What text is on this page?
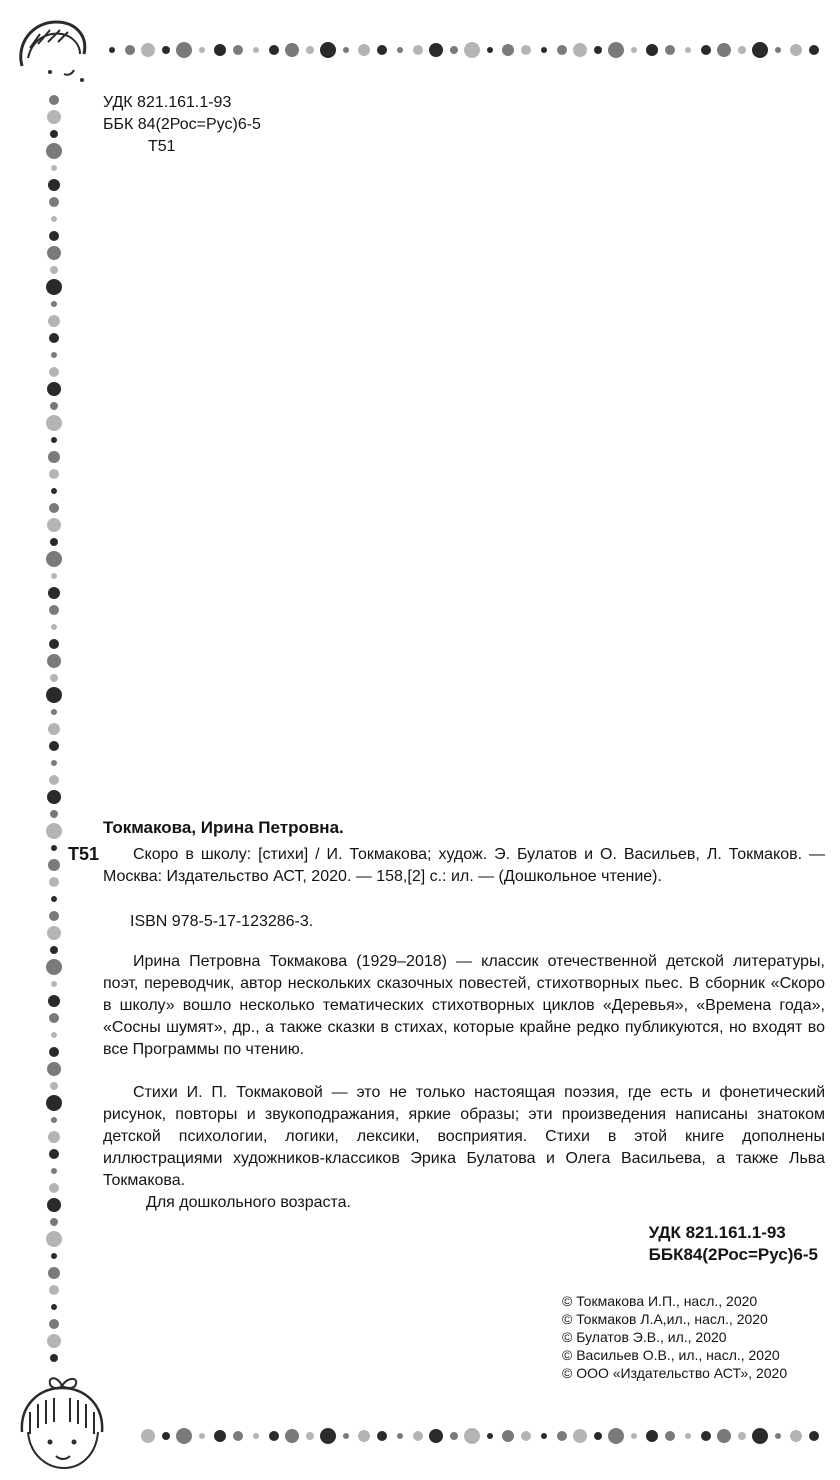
УДК 821.161.1-93
ББК 84(2Рос=Рус)6-5
Т51
Токмакова, Ирина Петровна.
Т51	Скоро в школу: [стихи] / И. Токмакова; худож. Э. Булатов и О. Васильев, Л. Токмаков. — Москва: Издательство АСТ, 2020. — 158,[2] с.: ил. — (Дошкольное чтение).
ISBN 978-5-17-123286-3.
Ирина Петровна Токмакова (1929–2018) — классик отечественной детской литературы, поэт, переводчик, автор нескольких сказочных повестей, стихотворных пьес. В сборник «Скоро в школу» вошло несколько тематических стихотворных циклов «Деревья», «Времена года», «Сосны шумят», др., а также сказки в стихах, которые крайне редко публикуются, но входят во все Программы по чтению.
Стихи И. П. Токмаковой — это не только настоящая поэзия, где есть и фонетический рисунок, повторы и звукоподражания, яркие образы; эти произведения написаны знатоком детской психологии, логики, лексики, восприятия. Стихи в этой книге дополнены иллюстрациями художников-классиков Эрика Булатова и Олега Васильева, а также Льва Токмакова.
Для дошкольного возраста.
УДК 821.161.1-93
ББК84(2Рос=Рус)6-5
© Токмакова И.П., насл., 2020
© Токмаков Л.А,ил., насл., 2020
© Булатов Э.В., ил., 2020
© Васильев О.В., ил., насл., 2020
© ООО «Издательство АСТ», 2020
